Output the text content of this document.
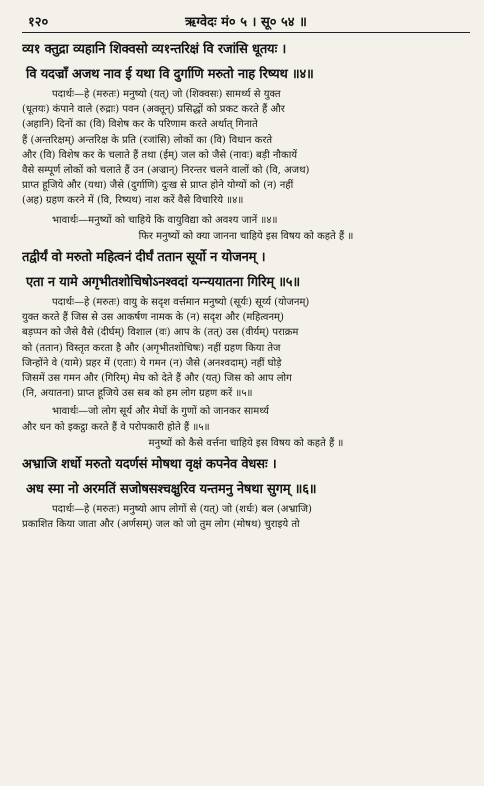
१२०	ऋग्वेदः मं० ५ । सू० ५४ ॥
व्य१ क्तुद्रा व्यहानि शिक्वसो व्य१न्तरिक्षं वि रजांसि धूतयः ।
वि यदज्राँ अजथ नाव ई यथा वि दुर्गाणि मरुतो नाह रिष्यथ ॥४॥

पदार्थः—हे (मरुतः) मनुष्यो (यत्) जो (शिक्वसः) सामर्थ्य से युक्त

(धूतयः) कंपाने वाले (रुद्राः) पवन (अक्तून्) प्रसिद्धों को प्रकट करते हैं और

(अहानि) दिनों का (वि) विशेष कर के परिणाम करते अर्थात् गिनाते

हैं (अन्तरिक्षम्) अन्तरिक्ष के प्रति (रजांसि) लोकों का (वि) विधान करते

और (वि) विशेष कर के चलाते हैं तथा (ईम्) जल को जैसे (नावः) बड़ी नौकायें

वैसे सम्पूर्ण लोकों को चलाते हैं उन (अज्रान्) निरन्तर चलने वालों को (वि, अजथ)

प्राप्त हूजिये और (यथा) जैसे (दुर्गाणि) दुःख से प्राप्त होने योग्यों को (न) नहीं

(अह) ग्रहण करने में (वि, रिष्यथ) नाश करें वैसे विचारिये ॥४॥

भावार्थः—मनुष्यों को चाहिये कि वायुविद्या को अवश्य जानें ॥४॥
फिर मनुष्यों को क्या जानना चाहिये इस विषय को कहते हैं ॥
तद्वीर्यं वो मरुतो महित्वनं दीर्घं ततान सूर्यो न योजनम् ।
एता न यामे अगृभीतशोचिषोऽनश्वदां यन्न्ययातना गिरिम् ॥५॥

पदार्थः—हे (मरुतः) वायु के सदृश वर्त्तमान मनुष्यो (सूर्यः) सूर्य्य (योजनम्)

युक्त करते हैं जिस से उस आकर्षण नामक के (न) सदृश और (महित्वनम्)

बड़प्पन को जैसे वैसे (दीर्घम्) विशाल (वः) आप के (तत्) उस (वीर्यम्) पराक्रम

को (ततान) विस्तृत करता है और (अगृभीतशोचिषः) नहीं ग्रहण किया तेज

जिन्होंने वे (यामे) प्रहर में (एताः) ये गमन (न) जैसे (अनश्वदाम्) नहीं घोड़े

जिसमें उस गमन और (गिरिम्) मेघ को देते हैं और (यत्) जिस को आप लोग

(नि, अयातना) प्राप्त हूजिये उस सब को हम लोग ग्रहण करें ॥५॥

भावार्थः—जो लोग सूर्य और मेघों के गुणों को जानकर सामर्थ्य

और धन को इकट्ठा करते हैं वे परोपकारी होते हैं ॥५॥

मनुष्यों को कैसे वर्त्तना चाहिये इस विषय को कहते हैं ॥
अभ्राजि शर्धो मरुतो यदर्णसं मोषथा वृक्षं कपनेव वेधसः ।
अध स्मा नो अरमतिं सजोषसश्चक्षुरिव यन्तमनु नेषथा सुगम् ॥६॥

पदार्थः—हे (मरुतः) मनुष्यो आप लोगों से (यत्) जो (शर्धः) बल (अभ्राजि)

प्रकाशित किया जाता और (अर्णसम्) जल को जो तुम लोग (मोषथ) चुराइये तो
